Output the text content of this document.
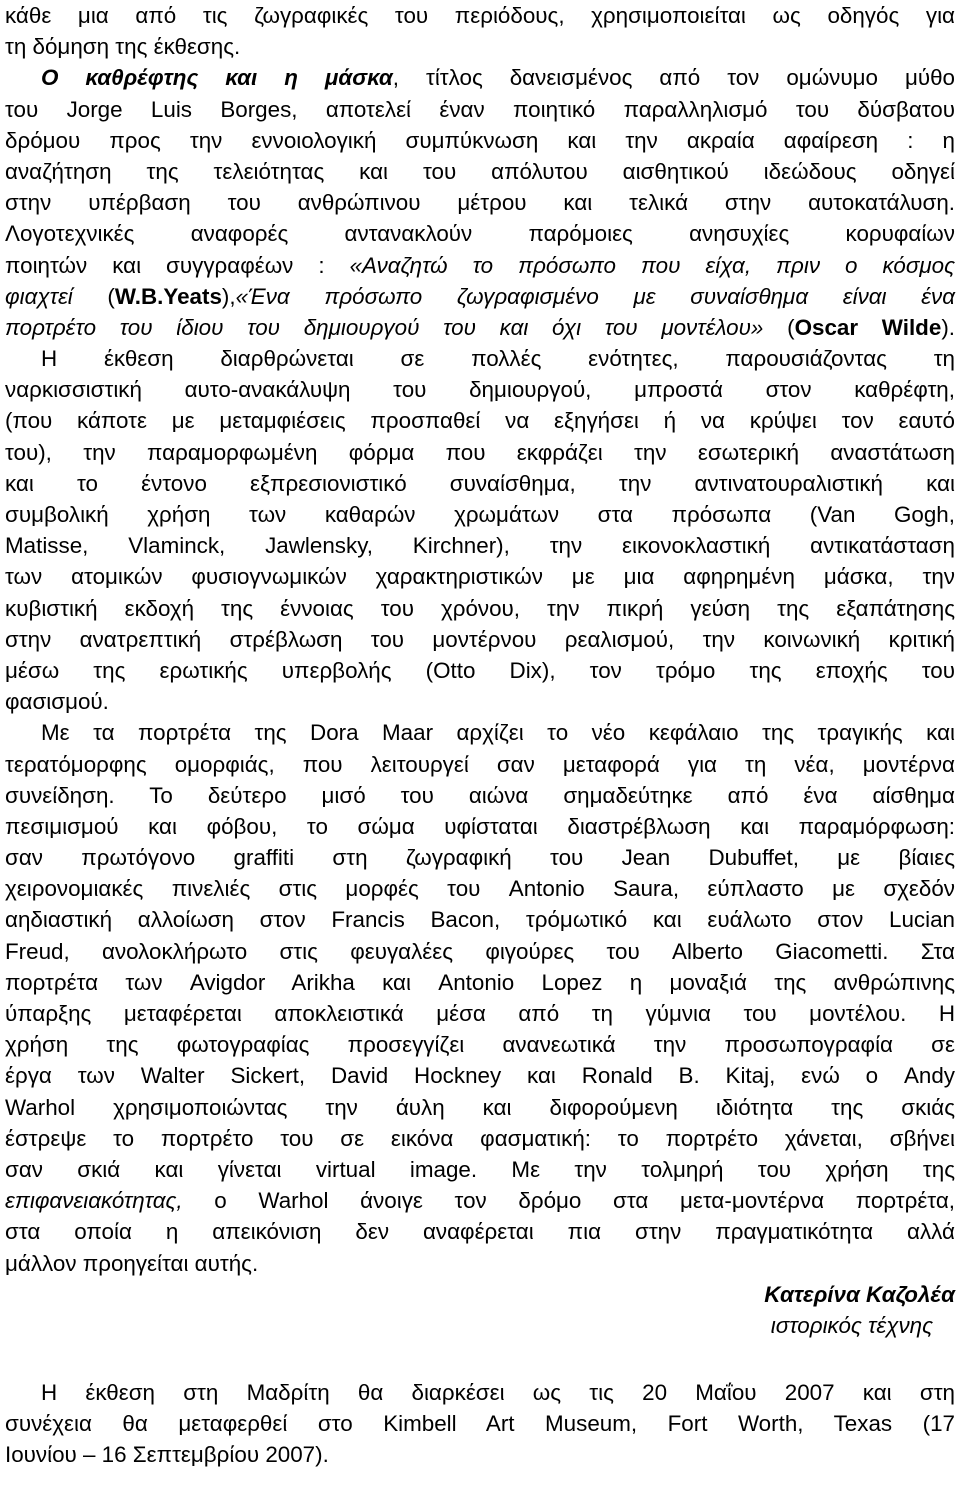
κάθε μια από τις ζωγραφικές του περιόδους, χρησιμοποιείται ως οδηγός για
τη δόμηση της έκθεσης.
Ο καθρέφτης και η μάσκα, τίτλος δανεισμένος από τον ομώνυμο μύθο
του Jorge Luis Borges, αποτελεί έναν ποιητικό παραλληλισμό του δύσβατου
δρόμου προς την εννοιολογική συμπύκνωση και την ακραία αφαίρεση : η
αναζήτηση της τελειότητας και του απόλυτου αισθητικού ιδεώδους οδηγεί
στην υπέρβαση του ανθρώπινου μέτρου και τελικά στην αυτοκατάλυση.
Λογοτεχνικές αναφορές αντανακλούν παρόμοιες ανησυχίες κορυφαίων
ποιητών και συγγραφέων : «Αναζητώ το πρόσωπο που είχα, πριν ο κόσμος
φιαχτεί (W.B.Yeats),«Ένα πρόσωπο ζωγραφισμένο με συναίσθημα είναι ένα
πορτρέτο του ίδιου του δημιουργού του και όχι του μοντέλου» (Oscar Wilde).
Η έκθεση διαρθρώνεται σε πολλές ενότητες, παρουσιάζοντας τη
ναρκισσιστική αυτο-ανακάλυψη του δημιουργού, μπροστά στον καθρέφτη,
(που κάποτε με μεταμφιέσεις προσπαθεί να εξηγήσει ή να κρύψει τον εαυτό
του), την παραμορφωμένη φόρμα που εκφράζει την εσωτερική αναστάτωση
και το έντονο εξπρεσιονιστικό συναίσθημα, την αντινατουραλιστική και
συμβολική χρήση των καθαρών χρωμάτων στα πρόσωπα (Van Gogh,
Matisse, Vlaminck, Jawlensky, Kirchner), την εικονοκλαστική αντικατάσταση
των ατομικών φυσιογνωμικών χαρακτηριστικών με μια αφηρημένη μάσκα, την
κυβιστική εκδοχή της έννοιας του χρόνου, την πικρή γεύση της εξαπάτησης
στην ανατρεπτική στρέβλωση του μοντέρνου ρεαλισμού, την κοινωνική κριτική
μέσω της ερωτικής υπερβολής (Otto Dix), τον τρόμο της εποχής του
φασισμού.
Με τα πορτρέτα της Dora Maar αρχίζει το νέο κεφάλαιο της τραγικής και
τερατόμορφης ομορφιάς, που λειτουργεί σαν μεταφορά για τη νέα, μοντέρνα
συνείδηση. Το δεύτερο μισό του αιώνα σημαδεύτηκε από ένα αίσθημα
πεσιμισμού και φόβου, το σώμα υφίσταται διαστρέβλωση και παραμόρφωση:
σαν πρωτόγονο graffiti στη ζωγραφική του Jean Dubuffet, με βίαιες
χειρονομιακές πινελιές στις μορφές του Antonio Saura, εύπλαστο με σχεδόν
αηδιαστική αλλοίωση στον Francis Bacon, τρόμωτικό και ευάλωτο στον Lucian
Freud, ανολοκλήρωτο στις φευγαλέες φιγούρες του Alberto Giacometti. Στα
πορτρέτα των Avigdor Arikha και Antonio Lopez η μοναξιά της ανθρώπινης
ύπαρξης μεταφέρεται αποκλειστικά μέσα από τη γύμνια του μοντέλου. Η
χρήση της φωτογραφίας προσεγγίζει ανανεωτικά την προσωπογραφία σε
έργα των Walter Sickert, David Hockney και Ronald B. Kitaj, ενώ ο Andy
Warhol χρησιμοποιώντας την άυλη και διφορούμενη ιδιότητα της σκιάς
έστρεψε το πορτρέτο του σε εικόνα φασματική: το πορτρέτο χάνεται, σβήνει
σαν σκιά και γίνεται virtual image. Με την τολμηρή του χρήση της
επιφανειακότητας, ο Warhol άνοιγε τον δρόμο στα μετα-μοντέρνα πορτρέτα,
στα οποία η απεικόνιση δεν αναφέρεται πια στην πραγματικότητα αλλά
μάλλον προηγείται αυτής.
Κατερίνα Καζολέα
ιστορικός τέχνης
Η έκθεση στη Μαδρίτη θα διαρκέσει ως τις 20 Μαΐου 2007 και στη
συνέχεια θα μεταφερθεί στο Kimbell Art Museum, Fort Worth, Texas (17
Ιουνίου – 16 Σεπτεμβρίου 2007).
